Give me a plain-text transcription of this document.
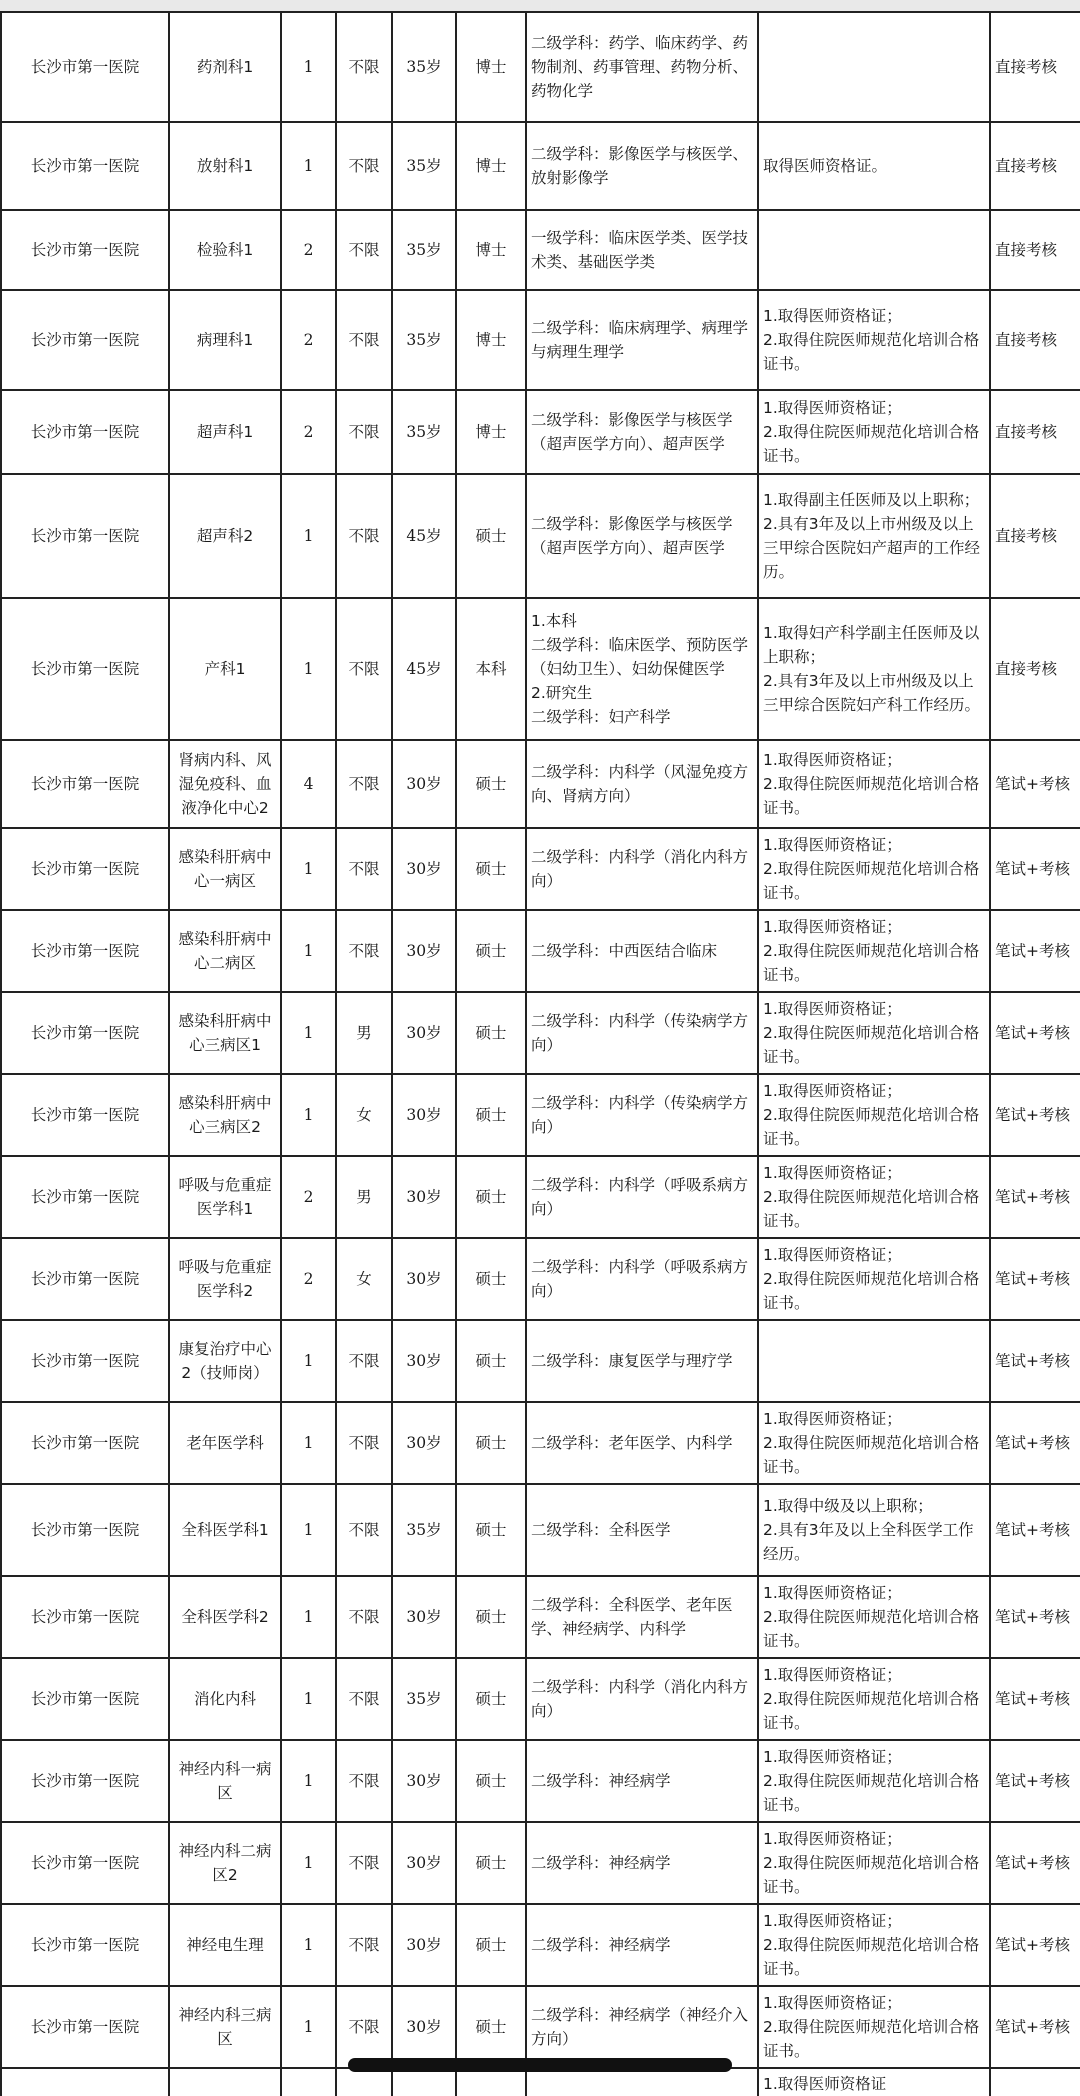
长沙市第一医院	药剂科1	1	不限	35岁	博士	二级学科：药学、临床药学、药物制剂、药事管理、药物分析、药物化学		直接考核
长沙市第一医院	放射科1	1	不限	35岁	博士	二级学科：影像医学与核医学、放射影像学	取得医师资格证。	直接考核
长沙市第一医院	检验科1	2	不限	35岁	博士	一级学科：临床医学类、医学技术类、基础医学类		直接考核
长沙市第一医院	病理科1	2	不限	35岁	博士	二级学科：临床病理学、病理学与病理生理学	1.取得医师资格证；
2.取得住院医师规范化培训合格证书。	直接考核
长沙市第一医院	超声科1	2	不限	35岁	博士	二级学科：影像医学与核医学（超声医学方向）、超声医学	1.取得医师资格证；
2.取得住院医师规范化培训合格证书。	直接考核
长沙市第一医院	超声科2	1	不限	45岁	硕士	二级学科：影像医学与核医学（超声医学方向）、超声医学	1.取得副主任医师及以上职称；
2.具有3年及以上市州级及以上三甲综合医院妇产超声的工作经历。	直接考核
长沙市第一医院	产科1	1	不限	45岁	本科	1.本科
二级学科：临床医学、预防医学（妇幼卫生）、妇幼保健医学
2.研究生
二级学科：妇产科学	1.取得妇产科学副主任医师及以上职称；
2.具有3年及以上市州级及以上三甲综合医院妇产科工作经历。	直接考核
长沙市第一医院	肾病内科、风湿免疫科、血液净化中心2	4	不限	30岁	硕士	二级学科：内科学（风湿免疫方向、肾病方向）	1.取得医师资格证；
2.取得住院医师规范化培训合格证书。	笔试+考核
长沙市第一医院	感染科肝病中心一病区	1	不限	30岁	硕士	二级学科：内科学（消化内科方向）	1.取得医师资格证；
2.取得住院医师规范化培训合格证书。	笔试+考核
长沙市第一医院	感染科肝病中心二病区	1	不限	30岁	硕士	二级学科：中西医结合临床	1.取得医师资格证；
2.取得住院医师规范化培训合格证书。	笔试+考核
长沙市第一医院	感染科肝病中心三病区1	1	男	30岁	硕士	二级学科：内科学（传染病学方向）	1.取得医师资格证；
2.取得住院医师规范化培训合格证书。	笔试+考核
长沙市第一医院	感染科肝病中心三病区2	1	女	30岁	硕士	二级学科：内科学（传染病学方向）	1.取得医师资格证；
2.取得住院医师规范化培训合格证书。	笔试+考核
长沙市第一医院	呼吸与危重症医学科1	2	男	30岁	硕士	二级学科：内科学（呼吸系病方向）	1.取得医师资格证；
2.取得住院医师规范化培训合格证书。	笔试+考核
长沙市第一医院	呼吸与危重症医学科2	2	女	30岁	硕士	二级学科：内科学（呼吸系病方向）	1.取得医师资格证；
2.取得住院医师规范化培训合格证书。	笔试+考核
长沙市第一医院	康复治疗中心2（技师岗）	1	不限	30岁	硕士	二级学科：康复医学与理疗学		笔试+考核
长沙市第一医院	老年医学科	1	不限	30岁	硕士	二级学科：老年医学、内科学	1.取得医师资格证；
2.取得住院医师规范化培训合格证书。	笔试+考核
长沙市第一医院	全科医学科1	1	不限	35岁	硕士	二级学科：全科医学	1.取得中级及以上职称；
2.具有3年及以上全科医学工作经历。	笔试+考核
长沙市第一医院	全科医学科2	1	不限	30岁	硕士	二级学科：全科医学、老年医学、神经病学、内科学	1.取得医师资格证；
2.取得住院医师规范化培训合格证书。	笔试+考核
长沙市第一医院	消化内科	1	不限	35岁	硕士	二级学科：内科学（消化内科方向）	1.取得医师资格证；
2.取得住院医师规范化培训合格证书。	笔试+考核
长沙市第一医院	神经内科一病区	1	不限	30岁	硕士	二级学科：神经病学	1.取得医师资格证；
2.取得住院医师规范化培训合格证书。	笔试+考核
长沙市第一医院	神经内科二病区2	1	不限	30岁	硕士	二级学科：神经病学	1.取得医师资格证；
2.取得住院医师规范化培训合格证书。	笔试+考核
长沙市第一医院	神经电生理	1	不限	30岁	硕士	二级学科：神经病学	1.取得医师资格证；
2.取得住院医师规范化培训合格证书。	笔试+考核
长沙市第一医院	神经内科三病区	1	不限	30岁	硕士	二级学科：神经病学（神经介入方向）	1.取得医师资格证；
2.取得住院医师规范化培训合格证书。	笔试+考核
							1.取得医师资格证	
